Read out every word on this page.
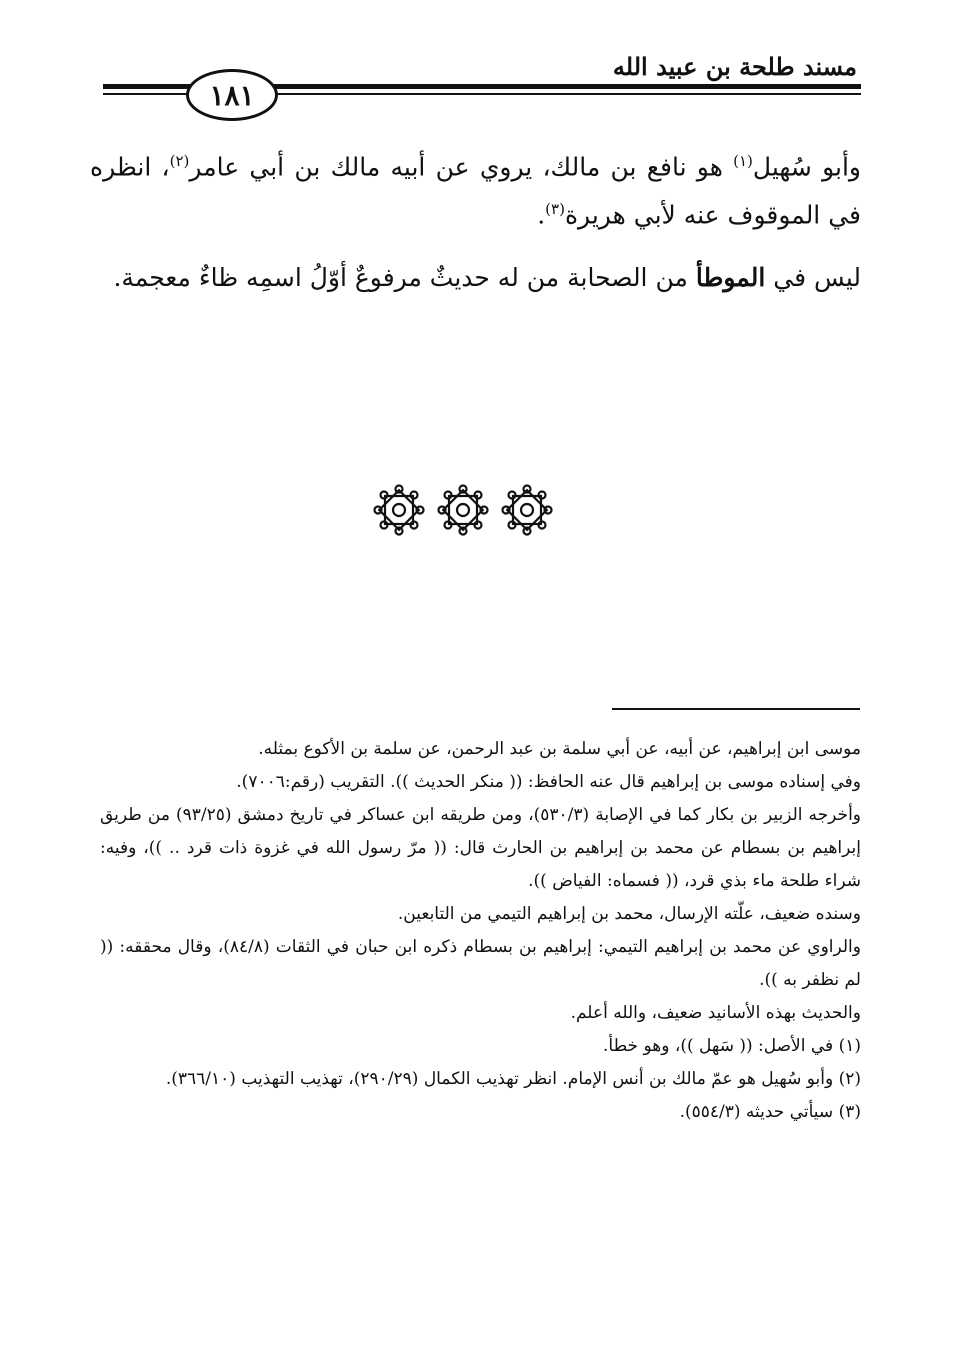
مسند طلحة بن عبيد الله
١٨١

وأبو سُهيل$^{(١)}$ هو نافع بن مالك، يروي عن أبيه مالك بن أبي عامر$^{(٢)}$، انظره في الموقوف عنه لأبي هريرة$^{(٣)}$.

ليس في الموطأ من الصحابة من له حديثٌ مرفوعٌ أوّلُ اسمِه ظاءٌ معجمة.

موسى ابن إبراهيم، عن أبيه، عن أبي سلمة بن عبد الرحمن، عن سلمة بن الأكوع بمثله.

وفي إسناده موسى بن إبراهيم قال عنه الحافظ: (( منكر الحديث )). التقريب (رقم:٧٠٠٦).

وأخرجه الزبير بن بكار كما في الإصابة (٥٣٠/٣)، ومن طريقه ابن عساكر في تاريخ دمشق (٩٣/٢٥) من طريق إبراهيم بن بسطام عن محمد بن إبراهيم بن الحارث قال: (( مرّ رسول الله في غزوة ذات قرد .. ))، وفيه: شراء طلحة ماء بذي قرد، (( فسماه: الفياض )).

وسنده ضعيف، علّته الإرسال، محمد بن إبراهيم التيمي من التابعين.

والراوي عن محمد بن إبراهيم التيمي: إبراهيم بن بسطام ذكره ابن حبان في الثقات (٨٤/٨)، وقال محققه: (( لم نظفر به )).

والحديث بهذه الأسانيد ضعيف، والله أعلم.

(١) في الأصل: (( سَهل ))، وهو خطأ.

(٢) وأبو سُهيل هو عمّ مالك بن أنس الإمام. انظر تهذيب الكمال (٢٩٠/٢٩)، تهذيب التهذيب (٣٦٦/١٠).

(٣) سيأتي حديثه (٥٥٤/٣).
